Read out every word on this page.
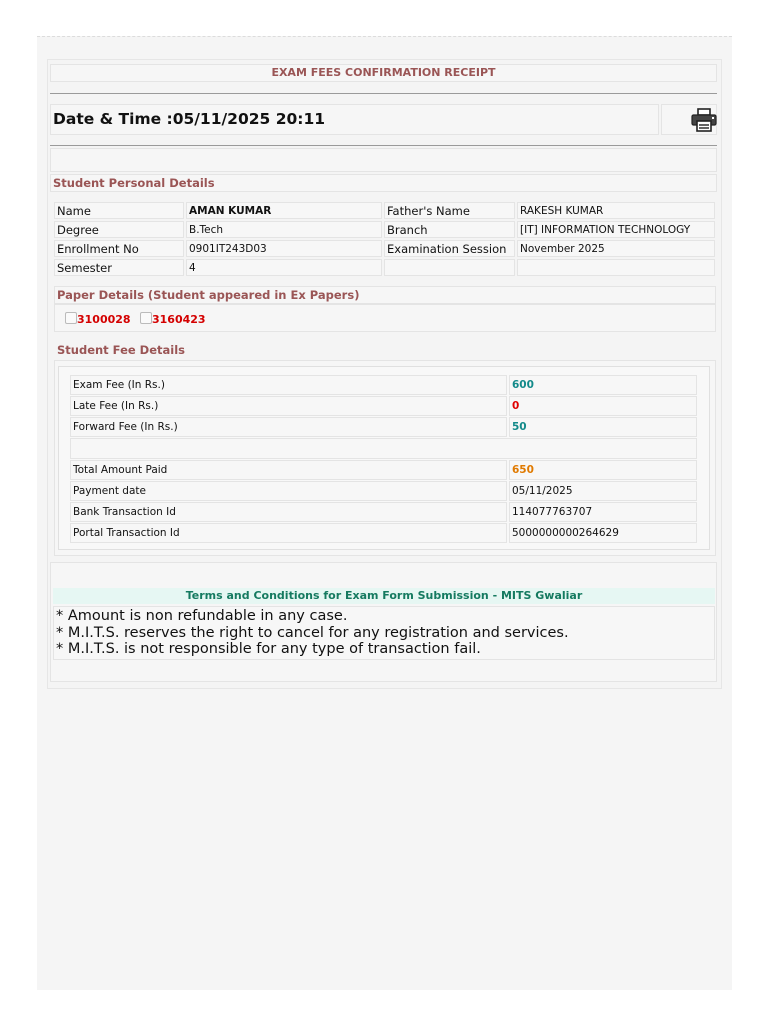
EXAM FEES CONFIRMATION RECEIPT
Date & Time :05/11/2025 20:11
Student Personal Details
Name	AMAN KUMAR	Father's Name	RAKESH KUMAR
Degree	B.Tech	Branch	[IT] INFORMATION TECHNOLOGY
Enrollment No	0901IT243D03	Examination Session	November 2025
Semester	4
Paper Details (Student appeared in Ex Papers)
3100028 3160423
Student Fee Details
Exam Fee (In Rs.)	600
Late Fee (In Rs.)	0
Forward Fee (In Rs.)	50
Total Amount Paid	650
Payment date	05/11/2025
Bank Transaction Id	114077763707
Portal Transaction Id	5000000000264629
Terms and Conditions for Exam Form Submission - MITS Gwaliar
* Amount is non refundable in any case.
* M.I.T.S. reserves the right to cancel for any registration and services.
* M.I.T.S. is not responsible for any type of transaction fail.
